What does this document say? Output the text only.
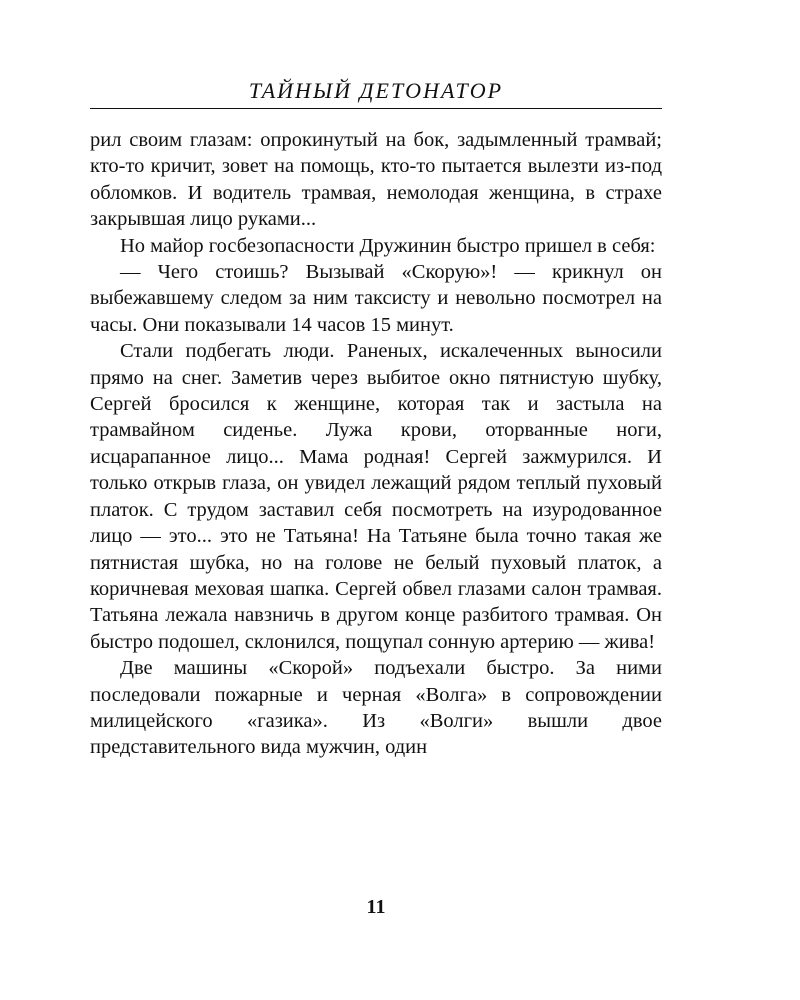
ТАЙНЫЙ ДЕТОНАТОР

рил своим глазам: опрокинутый на бок, задымленный трамвай; кто-то кричит, зовет на помощь, кто-то пытается вылезти из-под обломков. И водитель трамвая, немолодая женщина, в страхе закрывшая лицо руками...

Но майор госбезопасности Дружинин быстро пришел в себя:

— Чего стоишь? Вызывай «Скорую»! — крикнул он выбежавшему следом за ним таксисту и невольно посмотрел на часы. Они показывали 14 часов 15 минут.

Стали подбегать люди. Раненых, искалеченных выносили прямо на снег. Заметив через выбитое окно пятнистую шубку, Сергей бросился к женщине, которая так и застыла на трамвайном сиденье. Лужа крови, оторванные ноги, исцарапанное лицо... Мама родная! Сергей зажмурился. И только открыв глаза, он увидел лежащий рядом теплый пуховый платок. С трудом заставил себя посмотреть на изуродованное лицо — это... это не Татьяна! На Татьяне была точно такая же пятнистая шубка, но на голове не белый пуховый платок, а коричневая меховая шапка. Сергей обвел глазами салон трамвая. Татьяна лежала навзничь в другом конце разбитого трамвая. Он быстро подошел, склонился, пощупал сонную артерию — жива!

Две машины «Скорой» подъехали быстро. За ними последовали пожарные и черная «Волга» в сопровождении милицейского «газика». Из «Волги» вышли двое представительного вида мужчин, один

11
